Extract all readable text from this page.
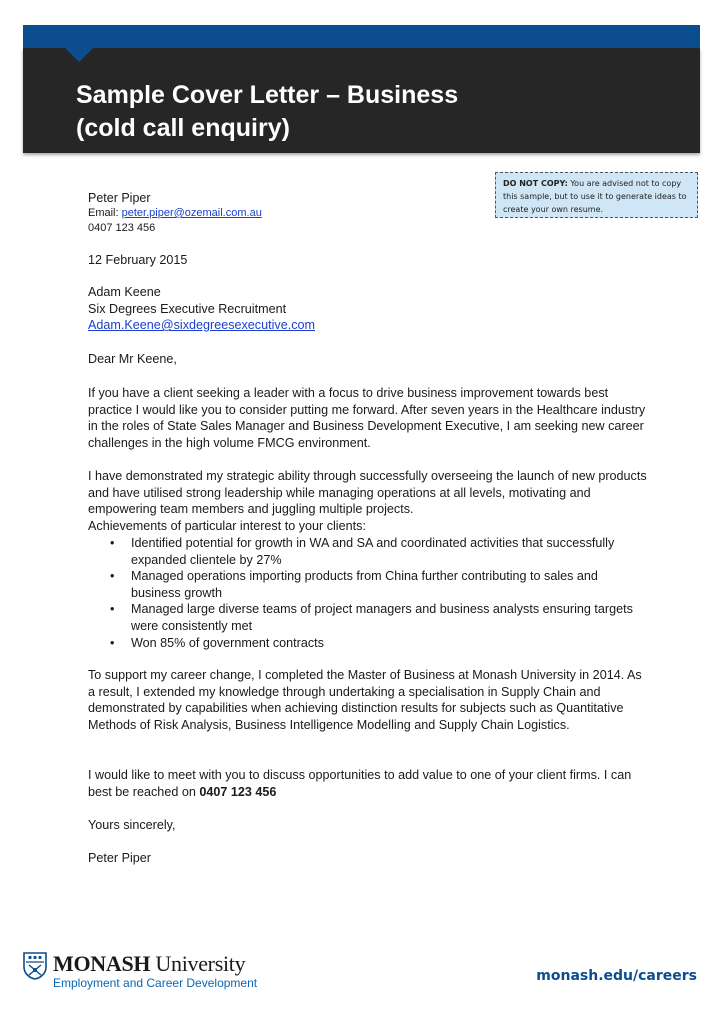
Sample Cover Letter – Business
(cold call enquiry)
DO NOT COPY: You are advised not to copy this sample, but to use it to generate ideas to create your own resume.
Peter Piper
Email: peter.piper@ozemail.com.au
0407 123 456

12 February 2015

Adam Keene
Six Degrees Executive Recruitment
Adam.Keene@sixdegreesexecutive.com

Dear Mr Keene,

If you have a client seeking a leader with a focus to drive business improvement towards best practice I would like you to consider putting me forward. After seven years in the Healthcare industry in the roles of State Sales Manager and Business Development Executive, I am seeking new career challenges in the high volume FMCG environment.

I have demonstrated my strategic ability through successfully overseeing the launch of new products and have utilised strong leadership while managing operations at all levels, motivating and empowering team members and juggling multiple projects.

Achievements of particular interest to your clients:

• Identified potential for growth in WA and SA and coordinated activities that successfully expanded clientele by 27%
• Managed operations importing products from China further contributing to sales and business growth
• Managed large diverse teams of project managers and business analysts ensuring targets were consistently met
• Won 85% of government contracts

To support my career change, I completed the Master of Business at Monash University in 2014. As a result, I extended my knowledge through undertaking a specialisation in Supply Chain and demonstrated by capabilities when achieving distinction results for subjects such as Quantitative Methods of Risk Analysis, Business Intelligence Modelling and Supply Chain Logistics.

I would like to meet with you to discuss opportunities to add value to one of your client firms. I can best be reached on 0407 123 456

Yours sincerely,

Peter Piper

MONASH University
Employment and Career Development	monash.edu/careers
